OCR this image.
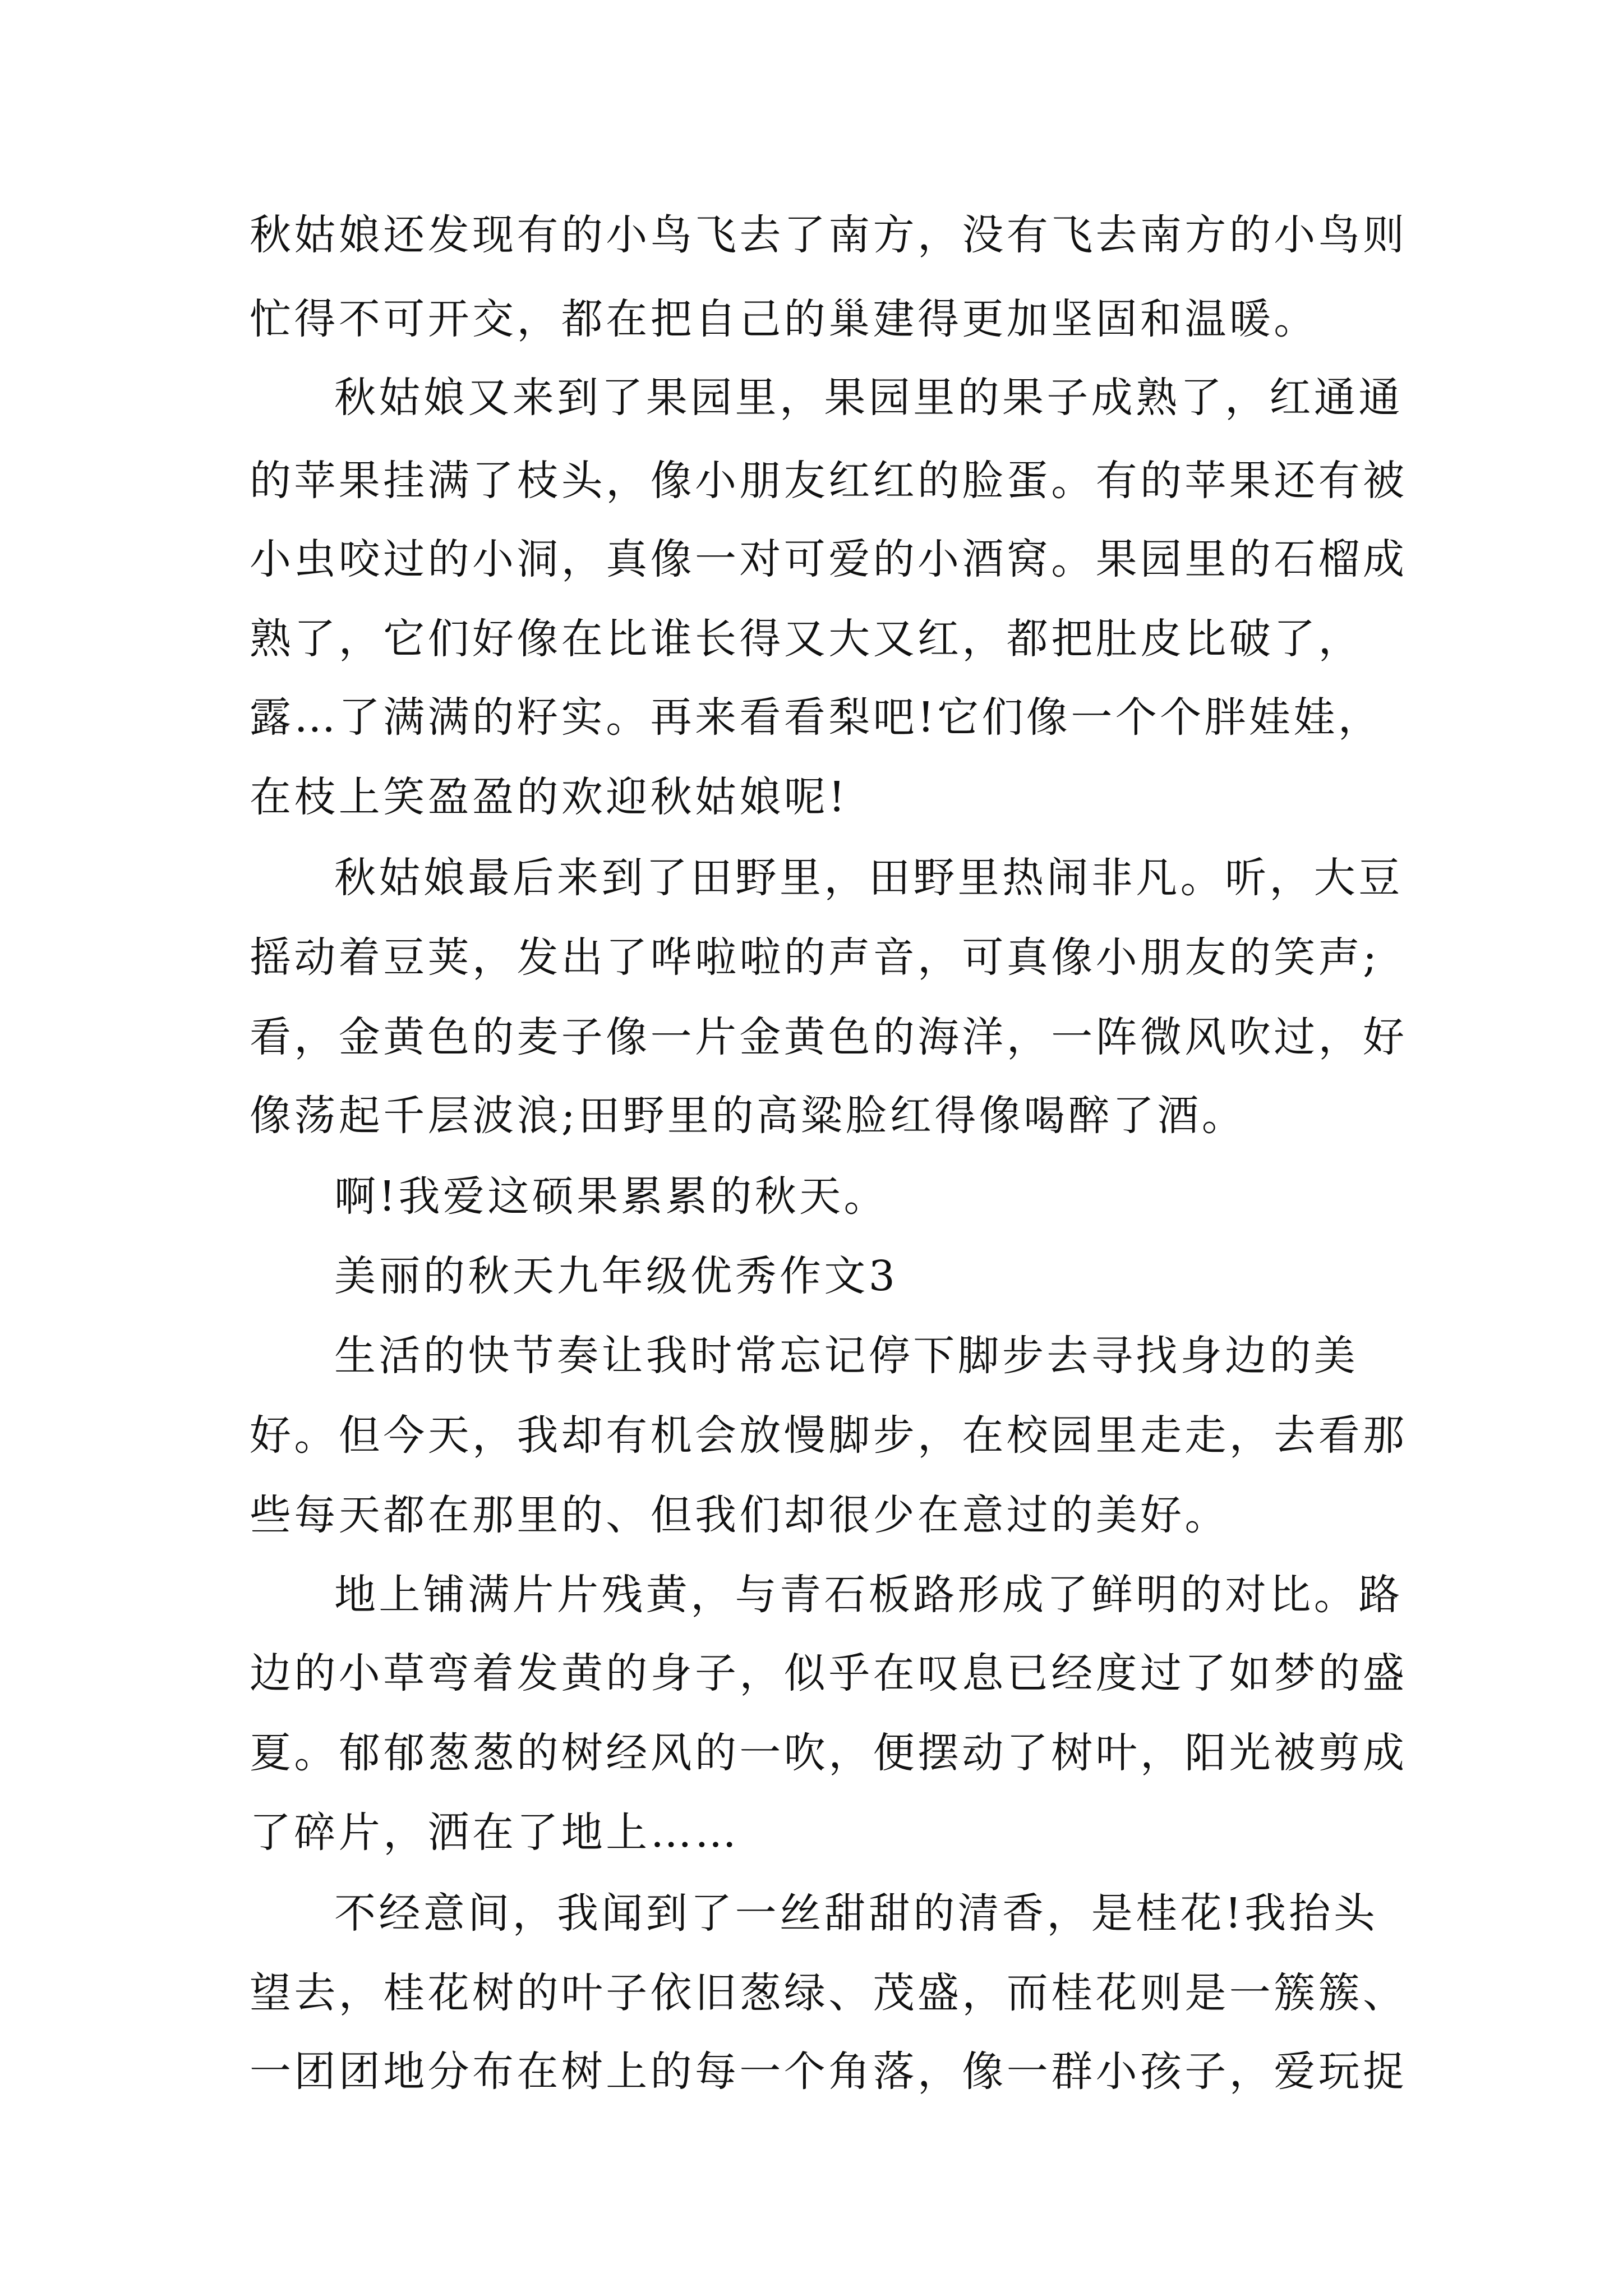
秋姑娘还发现有的小鸟飞去了南方，没有飞去南方的小鸟则
忙得不可开交，都在把自己的巢建得更加坚固和温暖。
秋姑娘又来到了果园里，果园里的果子成熟了，红通通
的苹果挂满了枝头，像小朋友红红的脸蛋。有的苹果还有被
小虫咬过的小洞，真像一对可爱的小酒窝。果园里的石榴成
熟了，它们好像在比谁长得又大又红，都把肚皮比破了，
露…了满满的籽实。再来看看梨吧!它们像一个个胖娃娃，
在枝上笑盈盈的欢迎秋姑娘呢!
秋姑娘最后来到了田野里，田野里热闹非凡。听，大豆
摇动着豆荚，发出了哗啦啦的声音，可真像小朋友的笑声;
看，金黄色的麦子像一片金黄色的海洋，一阵微风吹过，好
像荡起千层波浪;田野里的高粱脸红得像喝醉了酒。
啊!我爱这硕果累累的秋天。
美丽的秋天九年级优秀作文3
生活的快节奏让我时常忘记停下脚步去寻找身边的美
好。但今天，我却有机会放慢脚步，在校园里走走，去看那
些每天都在那里的、但我们却很少在意过的美好。
地上铺满片片残黄，与青石板路形成了鲜明的对比。路
边的小草弯着发黄的身子，似乎在叹息已经度过了如梦的盛
夏。郁郁葱葱的树经风的一吹，便摆动了树叶，阳光被剪成
了碎片，洒在了地上……
不经意间，我闻到了一丝甜甜的清香，是桂花!我抬头
望去，桂花树的叶子依旧葱绿、茂盛，而桂花则是一簇簇、
一团团地分布在树上的每一个角落，像一群小孩子，爱玩捉
